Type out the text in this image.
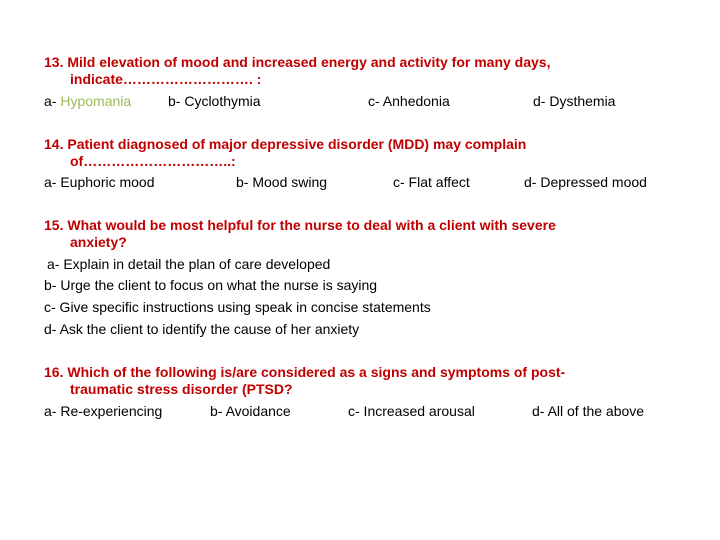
13. Mild elevation of mood and increased energy and activity for many days,
indicate………………………. :
a- Hypomania	b- Cyclothymia	c- Anhedonia	d- Dysthemia
14. Patient diagnosed of major depressive disorder (MDD) may complain
of…………………………..:
a- Euphoric mood	b- Mood swing	c- Flat affect	d- Depressed mood
15. What would be most helpful for the nurse to deal with a client with severe
anxiety?
a- Explain in detail the plan of care developed
b- Urge the client to focus on what the nurse is saying
c- Give specific instructions using speak in concise statements
d- Ask the client to identify the cause of her anxiety
16. Which of the following is/are considered as a signs and symptoms of post-
traumatic stress disorder (PTSD?
a- Re-experiencing	b- Avoidance	c- Increased arousal	d- All of the above
